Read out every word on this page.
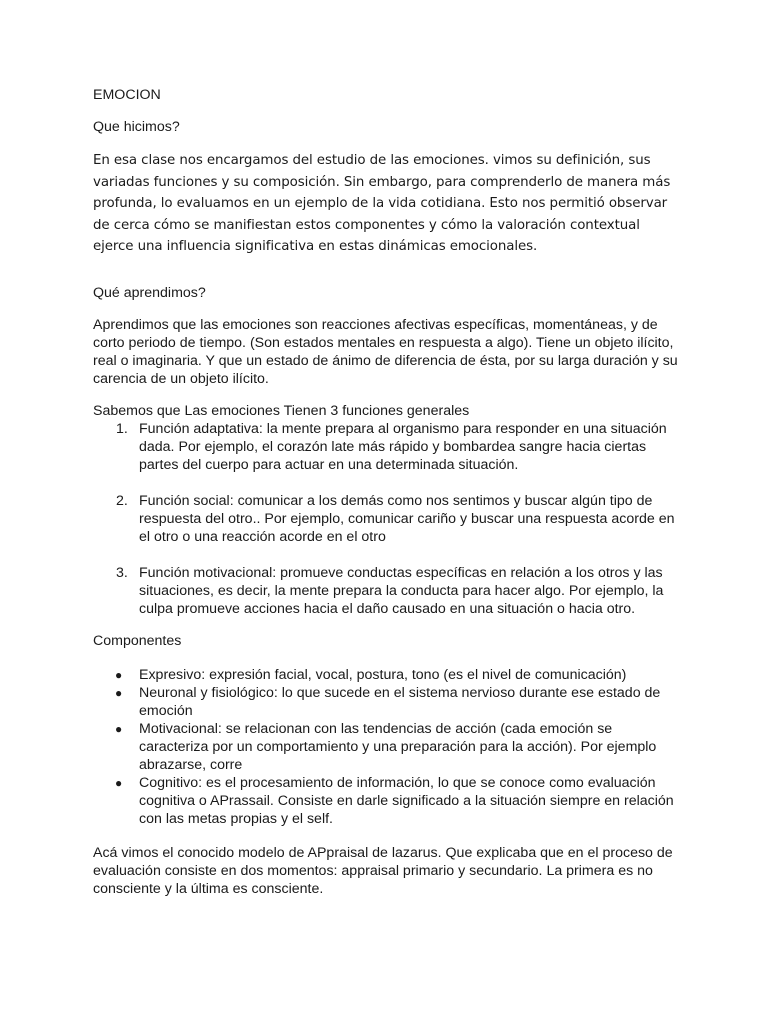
EMOCION

Que hicimos?

En esa clase nos encargamos del estudio de las emociones. vimos su definición, sus variadas funciones y su composición. Sin embargo, para comprenderlo de manera más profunda, lo evaluamos en un ejemplo de la vida cotidiana. Esto nos permitió observar de cerca cómo se manifiestan estos componentes y cómo la valoración contextual ejerce una influencia significativa en estas dinámicas emocionales.

Qué aprendimos?

Aprendimos que las emociones son reacciones afectivas específicas, momentáneas, y de corto periodo de tiempo. (Son estados mentales en respuesta a algo). Tiene un objeto ilícito, real o imaginaria. Y que un estado de ánimo de diferencia de ésta, por su larga duración y su carencia de un objeto ilícito.

Sabemos que Las emociones Tienen 3 funciones generales

1. Función adaptativa: la mente prepara al organismo para responder en una situación dada. Por ejemplo, el corazón late más rápido y bombardea sangre hacia ciertas partes del cuerpo para actuar en una determinada situación.
2. Función social: comunicar a los demás como nos sentimos y buscar algún tipo de respuesta del otro.. Por ejemplo, comunicar cariño y buscar una respuesta acorde en el otro o una reacción acorde en el otro
3. Función motivacional: promueve conductas específicas en relación a los otros y las situaciones, es decir, la mente prepara la conducta para hacer algo. Por ejemplo, la culpa promueve acciones hacia el daño causado en una situación o hacia otro.

Componentes

● Expresivo: expresión facial, vocal, postura, tono (es el nivel de comunicación)
● Neuronal y fisiológico: lo que sucede en el sistema nervioso durante ese estado de emoción
● Motivacional: se relacionan con las tendencias de acción (cada emoción se caracteriza por un comportamiento y una preparación para la acción). Por ejemplo abrazarse, corre
● Cognitivo: es el procesamiento de información, lo que se conoce como evaluación cognitiva o APrassail. Consiste en darle significado a la situación siempre en relación con las metas propias y el self.

Acá vimos el conocido modelo de APpraisal de lazarus. Que explicaba que en el proceso de evaluación consiste en dos momentos: appraisal primario y secundario. La primera es no consciente y la última es consciente.
